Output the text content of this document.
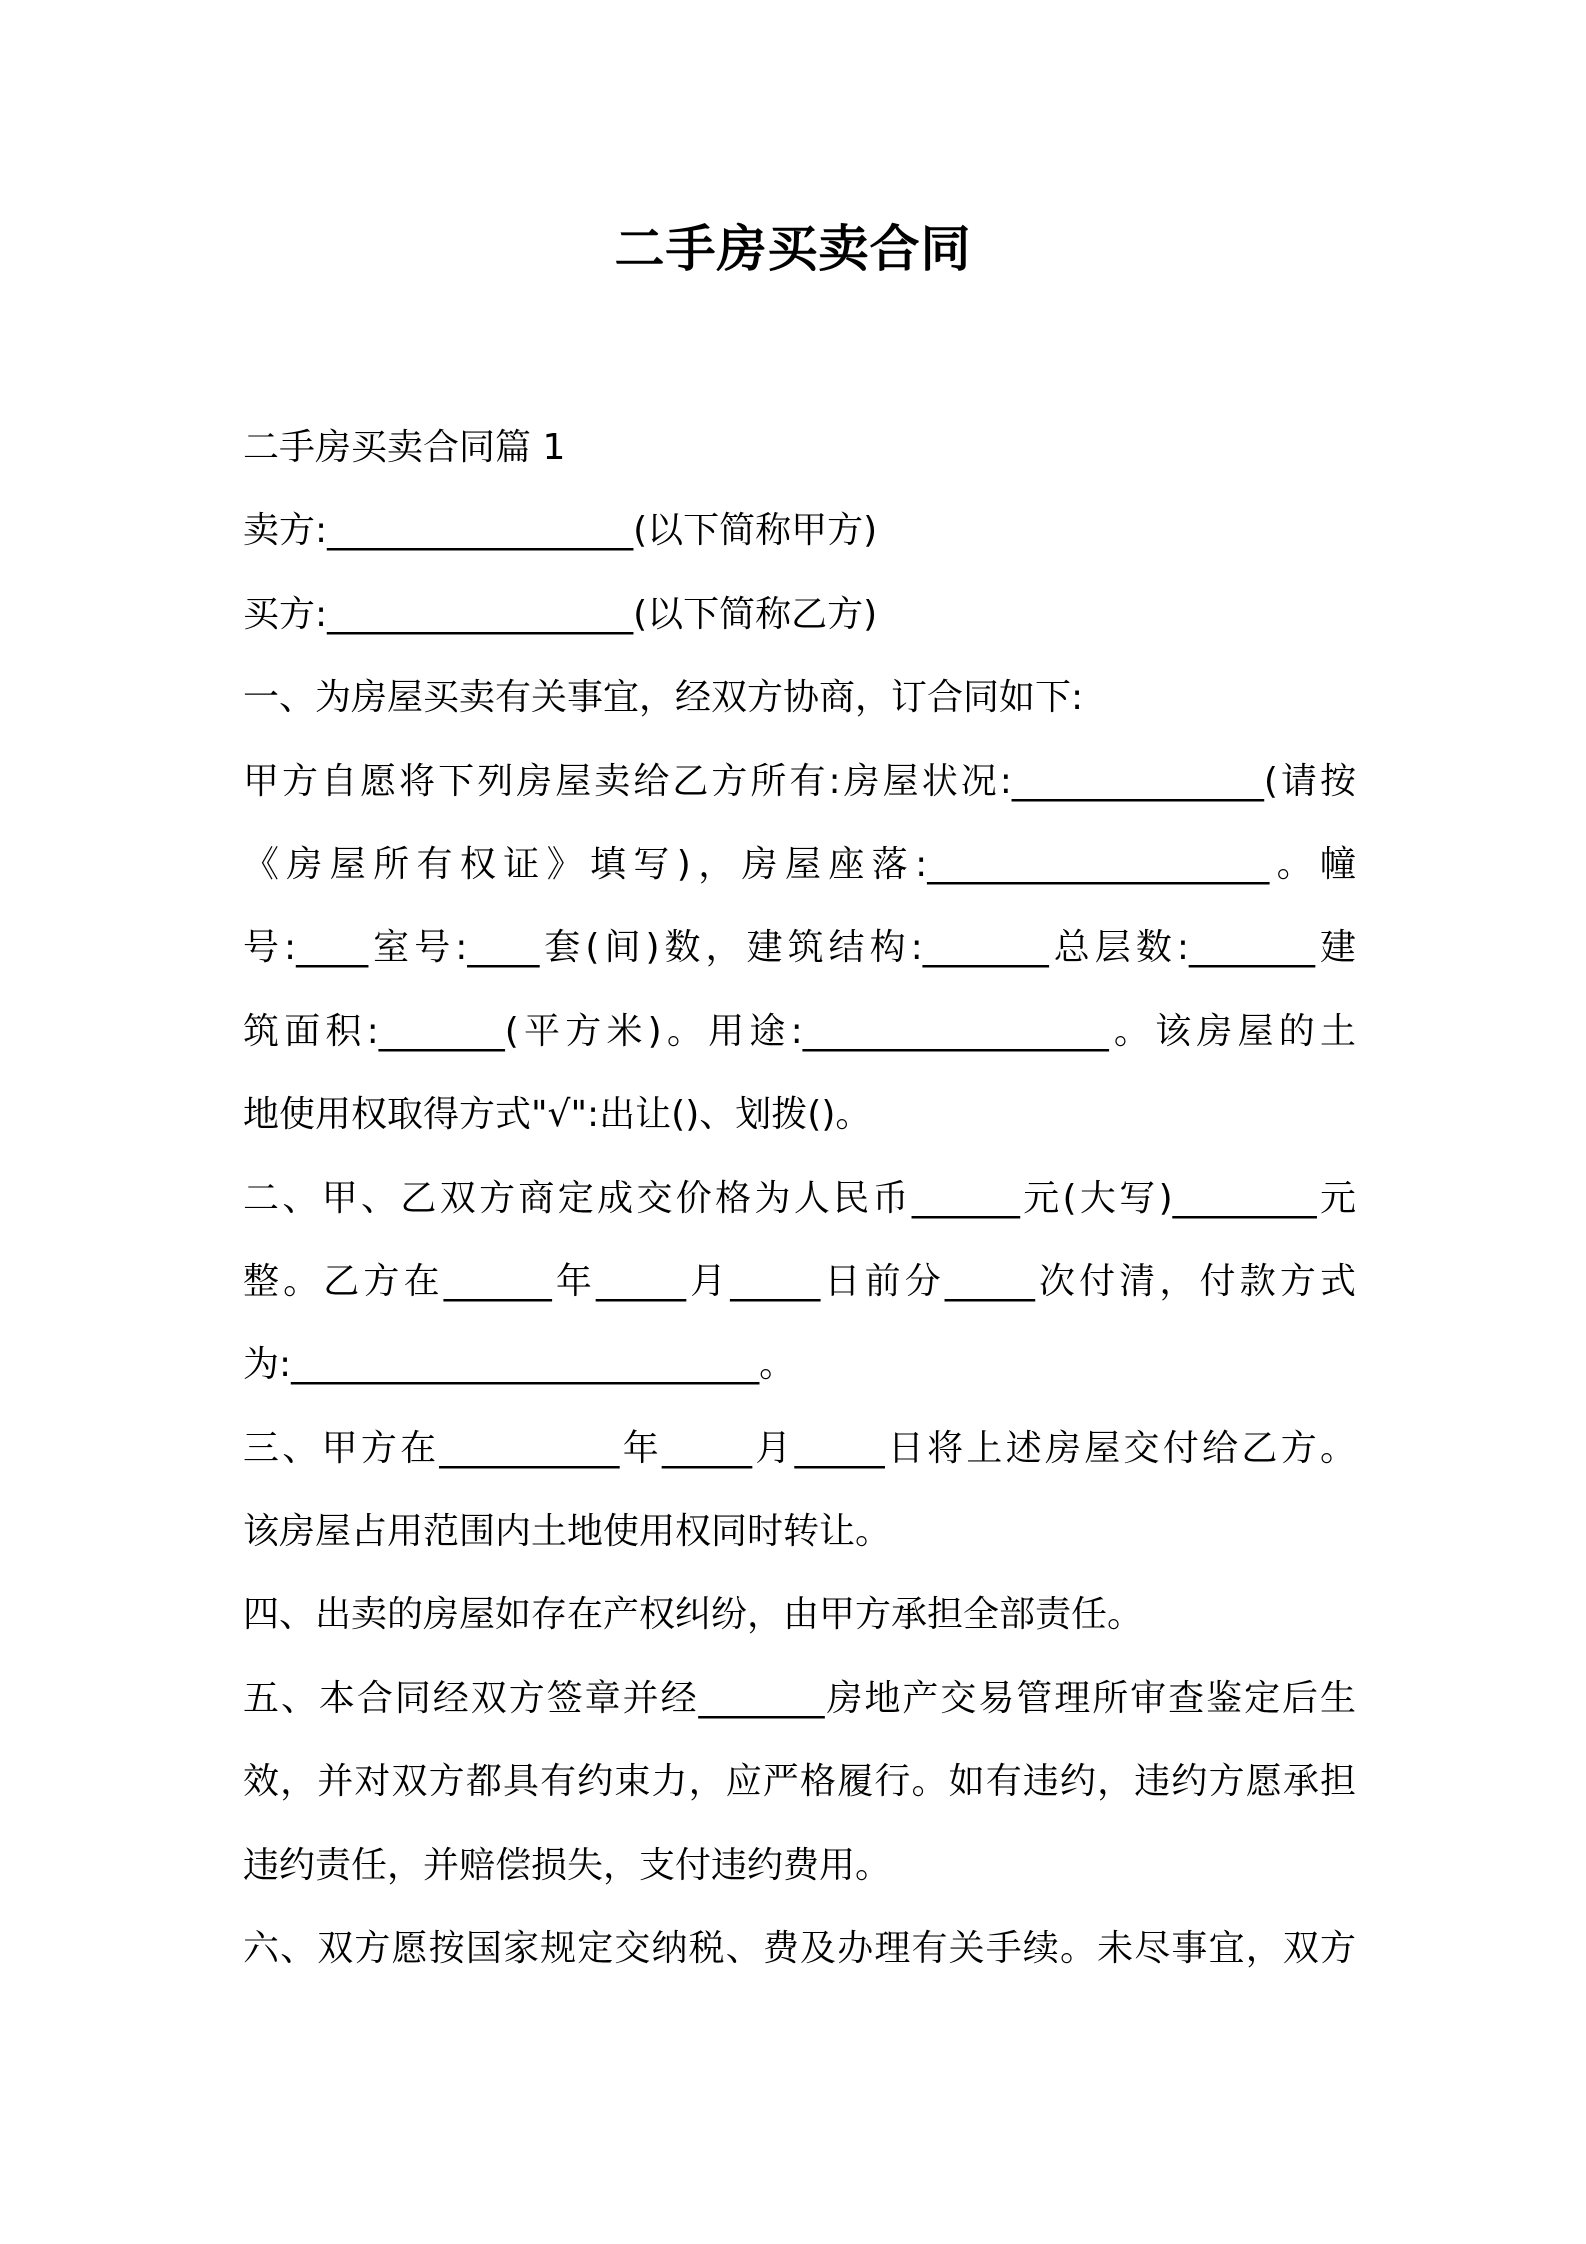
二手房买卖合同
二手房买卖合同篇 1
卖方:_________________(以下简称甲方)
买方:_________________(以下简称乙方)
一、为房屋买卖有关事宜，经双方协商，订合同如下:
甲方自愿将下列房屋卖给乙方所有:房屋状况:______________(请按
《房屋所有权证》填写)，房屋座落:___________________。幢
号:____室号:____套(间)数，建筑结构:_______总层数:_______建
筑面积:_______(平方米)。用途:_________________。该房屋的土
地使用权取得方式"√":出让()、划拨()。
二、甲、乙双方商定成交价格为人民币______元(大写)________元
整。乙方在______年_____月_____日前分_____次付清，付款方式
为:__________________________。
三、甲方在__________年_____月_____日将上述房屋交付给乙方。
该房屋占用范围内土地使用权同时转让。
四、出卖的房屋如存在产权纠纷，由甲方承担全部责任。
五、本合同经双方签章并经_______房地产交易管理所审查鉴定后生
效，并对双方都具有约束力，应严格履行。如有违约，违约方愿承担
违约责任，并赔偿损失，支付违约费用。
六、双方愿按国家规定交纳税、费及办理有关手续。未尽事宜，双方
